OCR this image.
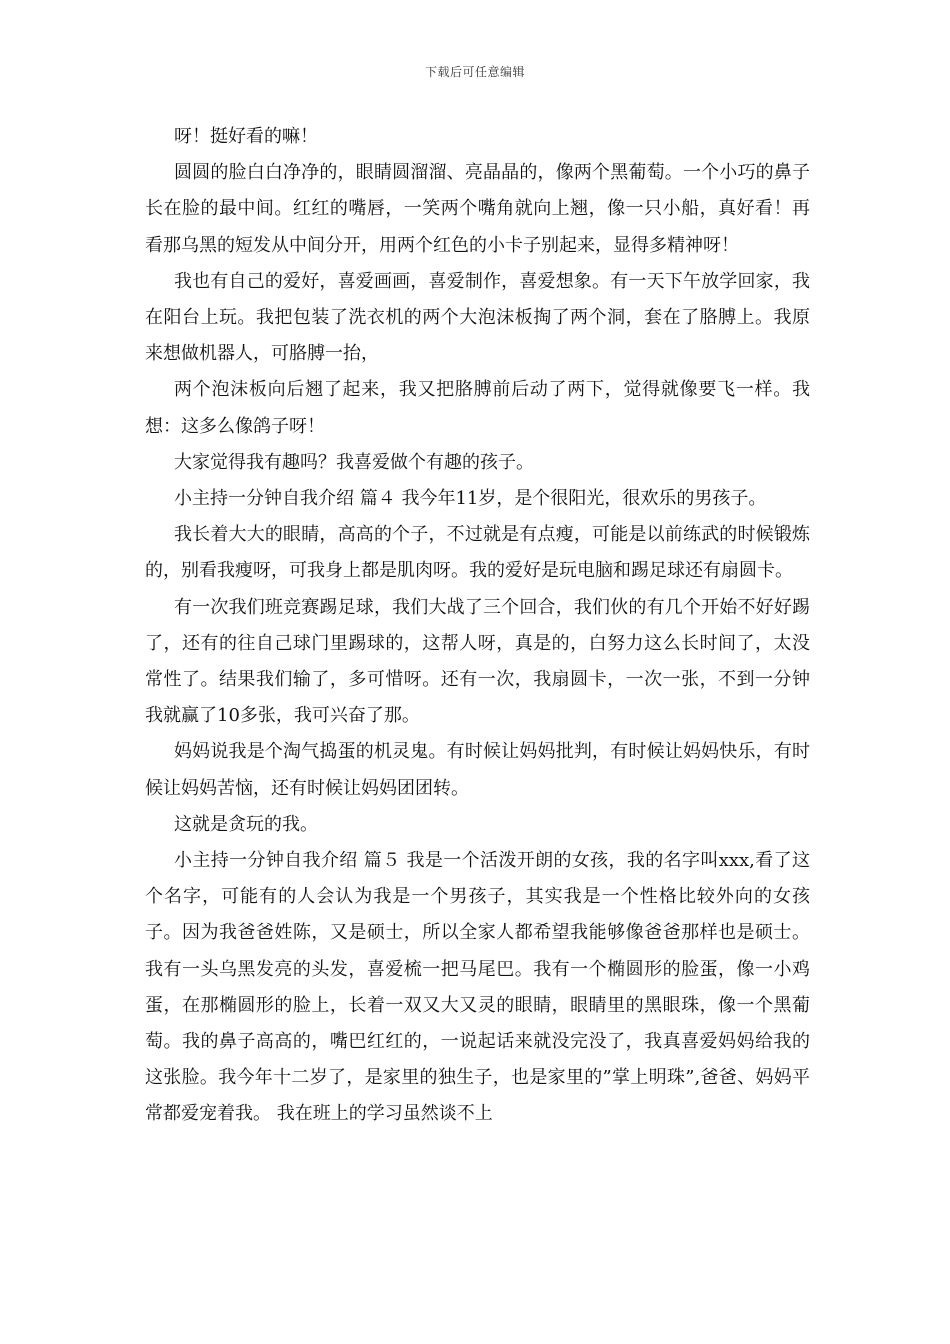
下载后可任意编辑

呀！挺好看的嘛！

圆圆的脸白白净净的，眼睛圆溜溜、亮晶晶的，像两个黑葡萄。一个小巧的鼻子长在脸的最中间。红红的嘴唇，一笑两个嘴角就向上翘，像一只小船，真好看！再看那乌黑的短发从中间分开，用两个红色的小卡子别起来，显得多精神呀！

我也有自己的爱好，喜爱画画，喜爱制作，喜爱想象。有一天下午放学回家，我在阳台上玩。我把包装了洗衣机的两个大泡沫板掏了两个洞，套在了胳膊上。我原来想做机器人，可胳膊一抬，

两个泡沫板向后翘了起来，我又把胳膊前后动了两下，觉得就像要飞一样。我想：这多么像鸽子呀！

大家觉得我有趣吗？我喜爱做个有趣的孩子。

小主持一分钟自我介绍 篇４ 我今年11岁，是个很阳光，很欢乐的男孩子。

我长着大大的眼睛，高高的个子，不过就是有点瘦，可能是以前练武的时候锻炼的，别看我瘦呀，可我身上都是肌肉呀。我的爱好是玩电脑和踢足球还有扇圆卡。

有一次我们班竞赛踢足球，我们大战了三个回合，我们伙的有几个开始不好好踢了，还有的往自己球门里踢球的，这帮人呀，真是的，白努力这么长时间了，太没常性了。结果我们输了，多可惜呀。还有一次，我扇圆卡，一次一张，不到一分钟我就赢了10多张，我可兴奋了那。

妈妈说我是个淘气捣蛋的机灵鬼。有时候让妈妈批判，有时候让妈妈快乐，有时候让妈妈苦恼，还有时候让妈妈团团转。

这就是贪玩的我。

小主持一分钟自我介绍 篇５ 我是一个活泼开朗的女孩，我的名字叫xxx,看了这个名字，可能有的人会认为我是一个男孩子，其实我是一个性格比较外向的女孩子。因为我爸爸姓陈，又是硕士，所以全家人都希望我能够像爸爸那样也是硕士。 我有一头乌黑发亮的头发，喜爱梳一把马尾巴。我有一个椭圆形的脸蛋，像一小鸡蛋，在那椭圆形的脸上，长着一双又大又灵的眼睛，眼睛里的黑眼珠，像一个黑葡萄。我的鼻子高高的，嘴巴红红的，一说起话来就没完没了，我真喜爱妈妈给我的这张脸。我今年十二岁了，是家里的独生子，也是家里的”掌上明珠”,爸爸、妈妈平常都爱宠着我。 我在班上的学习虽然谈不上
